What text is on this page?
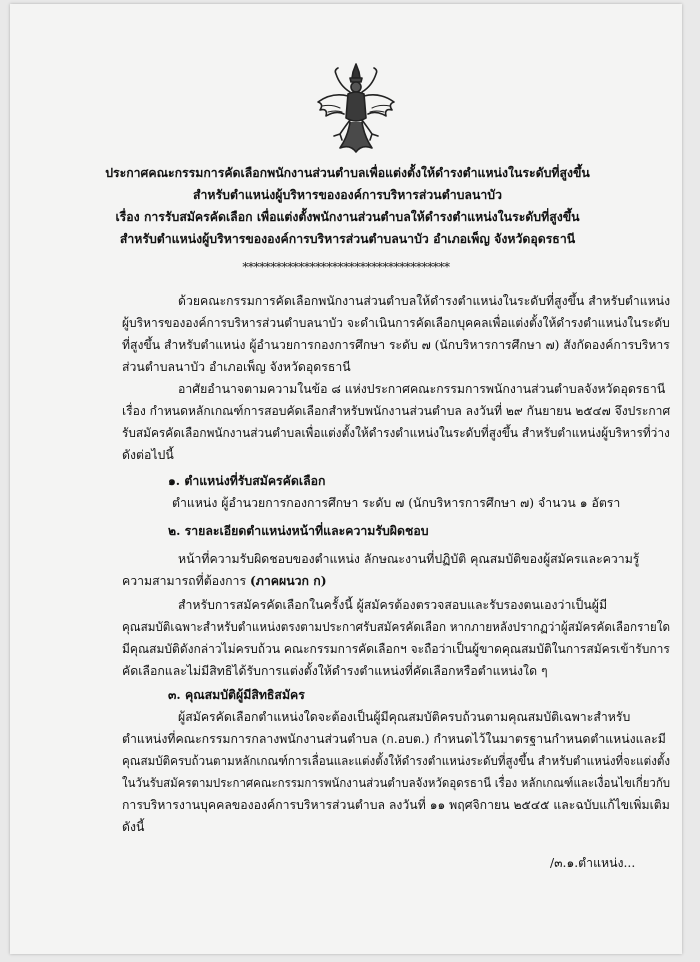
ประกาศคณะกรรมการคัดเลือกพนักงานส่วนตำบลเพื่อแต่งตั้งให้ดำรงตำแหน่งในระดับที่สูงขึ้น
สำหรับตำแหน่งผู้บริหารขององค์การบริหารส่วนตำบลนาบัว
เรื่อง การรับสมัครคัดเลือก เพื่อแต่งตั้งพนักงานส่วนตำบลให้ดำรงตำแหน่งในระดับที่สูงขึ้น
สำหรับตำแหน่งผู้บริหารขององค์การบริหารส่วนตำบลนาบัว อำเภอเพ็ญ จังหวัดอุดรธานี
*************************************
ด้วยคณะกรรมการคัดเลือกพนักงานส่วนตำบลให้ดำรงตำแหน่งในระดับที่สูงขึ้น สำหรับตำแหน่ง
ผู้บริหารขององค์การบริหารส่วนตำบลนาบัว จะดำเนินการคัดเลือกบุคคลเพื่อแต่งตั้งให้ดำรงตำแหน่งในระดับ
ที่สูงขึ้น สำหรับตำแหน่ง ผู้อำนวยการกองการศึกษา ระดับ ๗ (นักบริหารการศึกษา ๗) สังกัดองค์การบริหาร
ส่วนตำบลนาบัว อำเภอเพ็ญ จังหวัดอุดรธานี
อาศัยอำนาจตามความในข้อ ๘ แห่งประกาศคณะกรรมการพนักงานส่วนตำบลจังหวัดอุดรธานี
เรื่อง กำหนดหลักเกณฑ์การสอบคัดเลือกสำหรับพนักงานส่วนตำบล ลงวันที่ ๒๙ กันยายน ๒๕๔๗ จึงประกาศ
รับสมัครคัดเลือกพนักงานส่วนตำบลเพื่อแต่งตั้งให้ดำรงตำแหน่งในระดับที่สูงขึ้น สำหรับตำแหน่งผู้บริหารที่ว่าง
ดังต่อไปนี้
๑. ตำแหน่งที่รับสมัครคัดเลือก
ตำแหน่ง ผู้อำนวยการกองการศึกษา ระดับ ๗ (นักบริหารการศึกษา ๗) จำนวน ๑ อัตรา
๒. รายละเอียดตำแหน่งหน้าที่และความรับผิดชอบ
หน้าที่ความรับผิดชอบของตำแหน่ง ลักษณะงานที่ปฏิบัติ คุณสมบัติของผู้สมัครและความรู้
ความสามารถที่ต้องการ (ภาคผนวก ก)
สำหรับการสมัครคัดเลือกในครั้งนี้ ผู้สมัครต้องตรวจสอบและรับรองตนเองว่าเป็นผู้มี
คุณสมบัติเฉพาะสำหรับตำแหน่งตรงตามประกาศรับสมัครคัดเลือก หากภายหลังปรากฏว่าผู้สมัครคัดเลือกรายใด
มีคุณสมบัติดังกล่าวไม่ครบถ้วน คณะกรรมการคัดเลือกฯ จะถือว่าเป็นผู้ขาดคุณสมบัติในการสมัครเข้ารับการ
คัดเลือกและไม่มีสิทธิได้รับการแต่งตั้งให้ดำรงตำแหน่งที่คัดเลือกหรือตำแหน่งใด ๆ
๓. คุณสมบัติผู้มีสิทธิสมัคร
ผู้สมัครคัดเลือกตำแหน่งใดจะต้องเป็นผู้มีคุณสมบัติครบถ้วนตามคุณสมบัติเฉพาะสำหรับ
ตำแหน่งที่คณะกรรมการกลางพนักงานส่วนตำบล (ก.อบต.) กำหนดไว้ในมาตรฐานกำหนดตำแหน่งและมี
คุณสมบัติครบถ้วนตามหลักเกณฑ์การเลื่อนและแต่งตั้งให้ดำรงตำแหน่งระดับที่สูงขึ้น สำหรับตำแหน่งที่จะแต่งตั้ง
ในวันรับสมัครตามประกาศคณะกรรมการพนักงานส่วนตำบลจังหวัดอุดรธานี เรื่อง หลักเกณฑ์และเงื่อนไขเกี่ยวกับ
การบริหารงานบุคคลขององค์การบริหารส่วนตำบล ลงวันที่ ๑๑ พฤศจิกายน ๒๕๔๕ และฉบับแก้ไขเพิ่มเติม
ดังนี้
/๓.๑.ตำแหน่ง...
